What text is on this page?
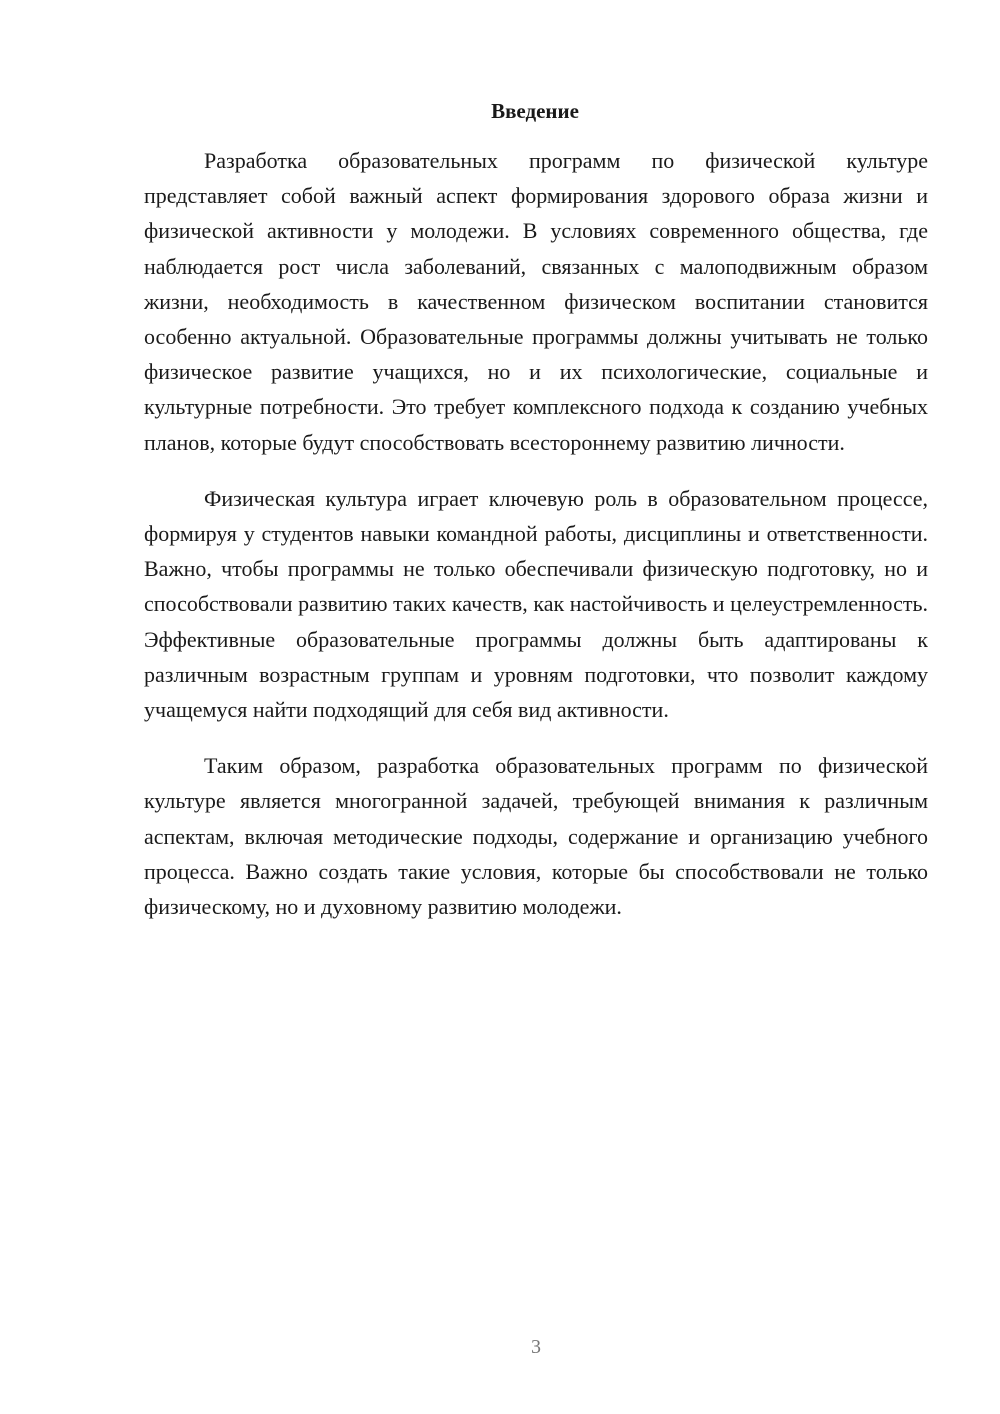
Введение

Разработка образовательных программ по физической культуре представляет собой важный аспект формирования здорового образа жизни и физической активности у молодежи. В условиях современного общества, где наблюдается рост числа заболеваний, связанных с малоподвижным образом жизни, необходимость в качественном физическом воспитании становится особенно актуальной. Образовательные программы должны учитывать не только физическое развитие учащихся, но и их психологические, социальные и культурные потребности. Это требует комплексного подхода к созданию учебных планов, которые будут способствовать всестороннему развитию личности.

Физическая культура играет ключевую роль в образовательном процессе, формируя у студентов навыки командной работы, дисциплины и ответственности. Важно, чтобы программы не только обеспечивали физическую подготовку, но и способствовали развитию таких качеств, как настойчивость и целеустремленность. Эффективные образовательные программы должны быть адаптированы к различным возрастным группам и уровням подготовки, что позволит каждому учащемуся найти подходящий для себя вид активности.

Таким образом, разработка образовательных программ по физической культуре является многогранной задачей, требующей внимания к различным аспектам, включая методические подходы, содержание и организацию учебного процесса. Важно создать такие условия, которые бы способствовали не только физическому, но и духовному развитию молодежи.

3
